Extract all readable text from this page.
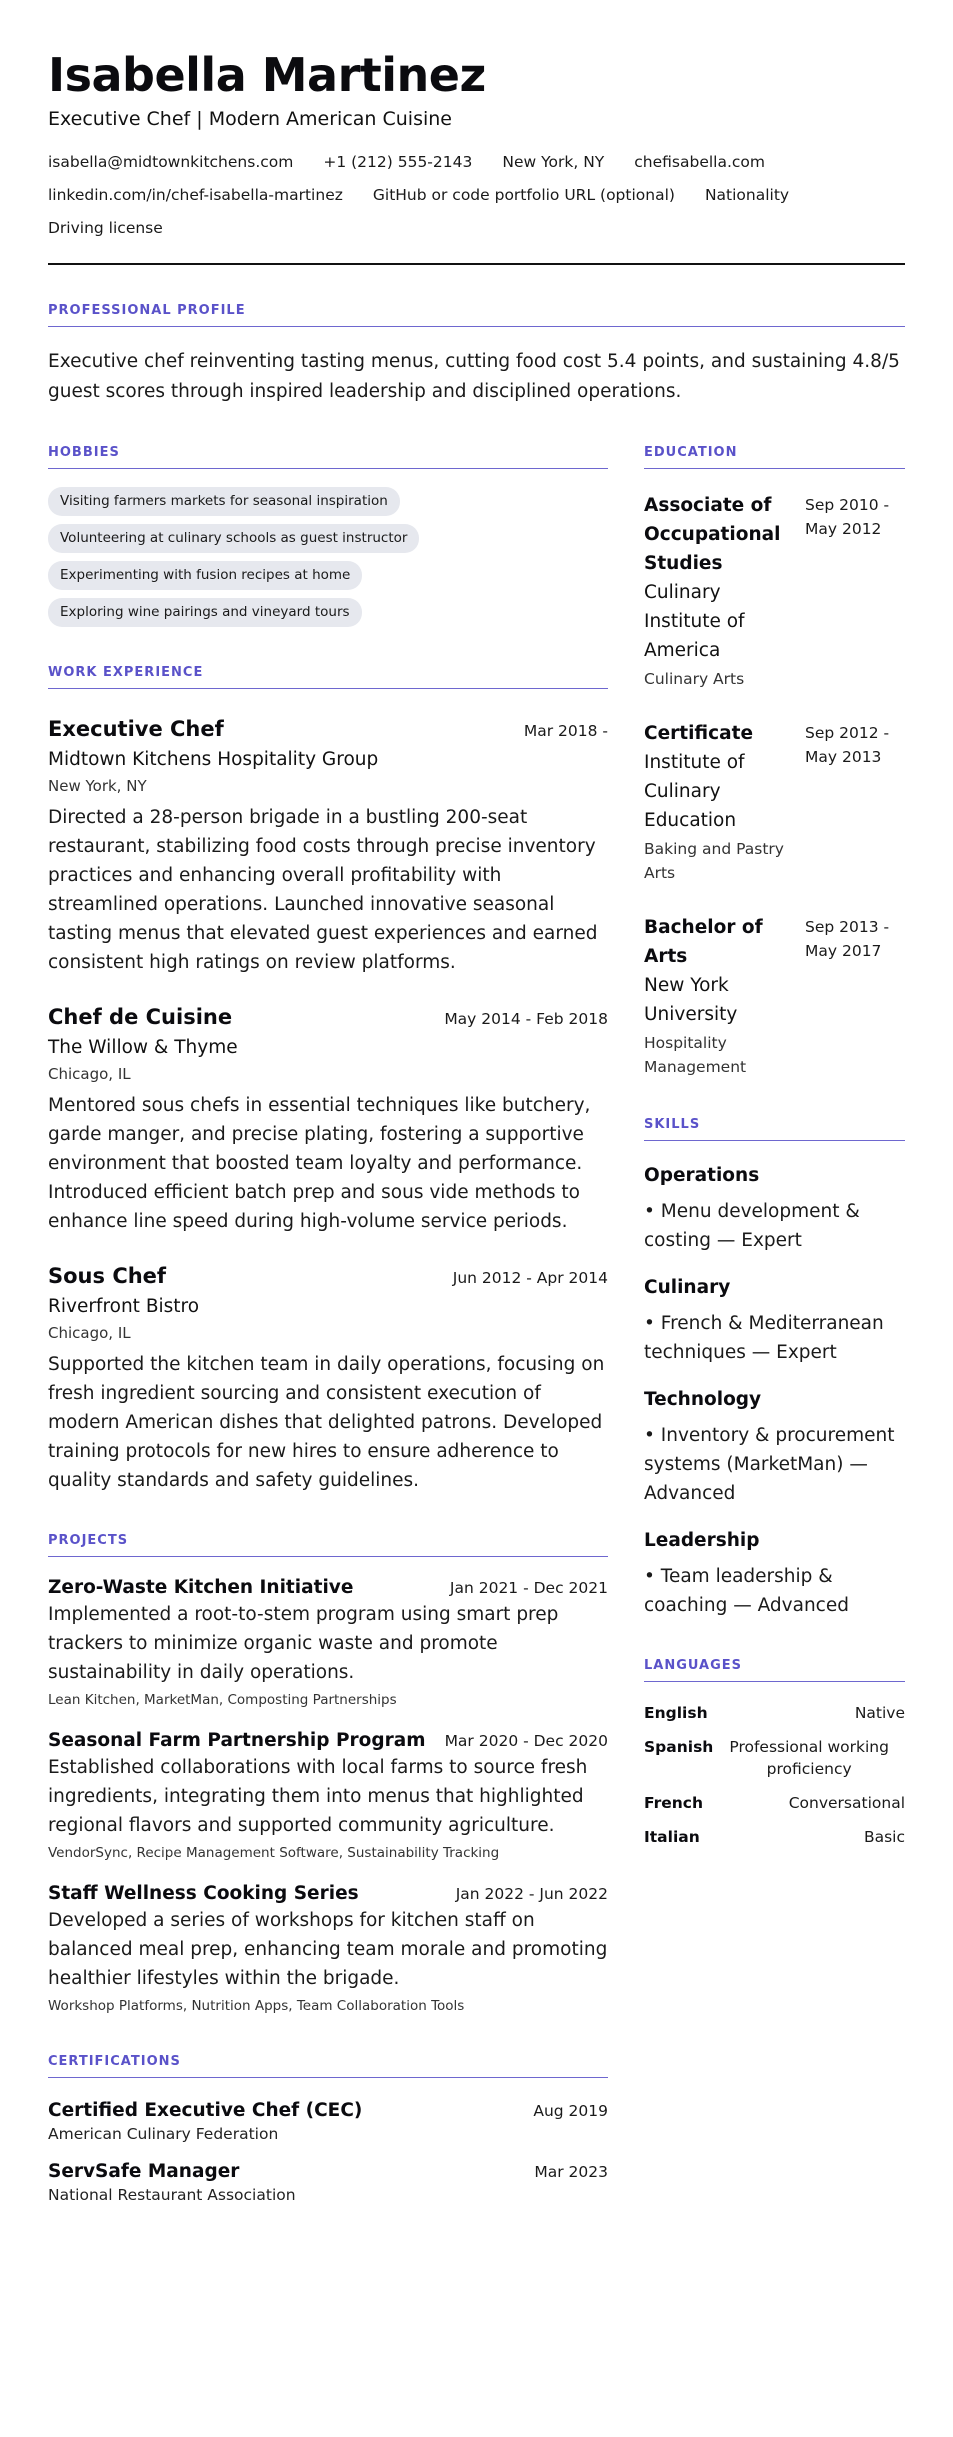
Isabella Martinez
Executive Chef | Modern American Cuisine
isabella@midtownkitchens.com +1 (212) 555-2143 New York, NY chefisabella.com
linkedin.com/in/chef-isabella-martinez GitHub or code portfolio URL (optional) Nationality
Driving license
PROFESSIONAL PROFILE

Executive chef reinventing tasting menus, cutting food cost 5.4 points, and sustaining 4.8/5 guest scores through inspired leadership and disciplined operations.

HOBBIES
Visiting farmers markets for seasonal inspiration
Volunteering at culinary schools as guest instructor
Experimenting with fusion recipes at home
Exploring wine pairings and vineyard tours
WORK EXPERIENCE
Executive Chef	Mar 2018 -
Midtown Kitchens Hospitality Group
New York, NY

Directed a 28-person brigade in a bustling 200-seat restaurant, stabilizing food costs through precise inventory practices and enhancing overall profitability with streamlined operations. Launched innovative seasonal tasting menus that elevated guest experiences and earned consistent high ratings on review platforms.

Chef de Cuisine	May 2014 - Feb 2018
The Willow & Thyme
Chicago, IL

Mentored sous chefs in essential techniques like butchery, garde manger, and precise plating, fostering a supportive environment that boosted team loyalty and performance. Introduced efficient batch prep and sous vide methods to enhance line speed during high-volume service periods.

Sous Chef	Jun 2012 - Apr 2014
Riverfront Bistro
Chicago, IL

Supported the kitchen team in daily operations, focusing on fresh ingredient sourcing and consistent execution of modern American dishes that delighted patrons. Developed training protocols for new hires to ensure adherence to quality standards and safety guidelines.

PROJECTS
Zero-Waste Kitchen Initiative	Jan 2021 - Dec 2021

Implemented a root-to-stem program using smart prep trackers to minimize organic waste and promote sustainability in daily operations.

Lean Kitchen, MarketMan, Composting Partnerships
Seasonal Farm Partnership Program Mar 2020 - Dec 2020

Established collaborations with local farms to source fresh ingredients, integrating them into menus that highlighted regional flavors and supported community agriculture.

VendorSync, Recipe Management Software, Sustainability Tracking
Staff Wellness Cooking Series	Jan 2022 - Jun 2022

Developed a series of workshops for kitchen staff on balanced meal prep, enhancing team morale and promoting healthier lifestyles within the brigade.

Workshop Platforms, Nutrition Apps, Team Collaboration Tools
CERTIFICATIONS
Certified Executive Chef (CEC)	Aug 2019
American Culinary Federation
ServSafe Manager	Mar 2023
National Restaurant Association
EDUCATION
Associate of Occupational Studies
Culinary Institute of America
Culinary Arts
Sep 2010 - May 2012
Certificate
Institute of Culinary Education
Baking and Pastry Arts
Sep 2012 - May 2013
Bachelor of Arts
New York University
Hospitality Management
Sep 2013 - May 2017
SKILLS
Operations
• Menu development & costing — Expert
Culinary
• French & Mediterranean techniques — Expert
Technology
• Inventory & procurement systems (MarketMan) — Advanced
Leadership
• Team leadership & coaching — Advanced
LANGUAGES
English	Native
Spanish	Professional working proficiency
French	Conversational
Italian	Basic
